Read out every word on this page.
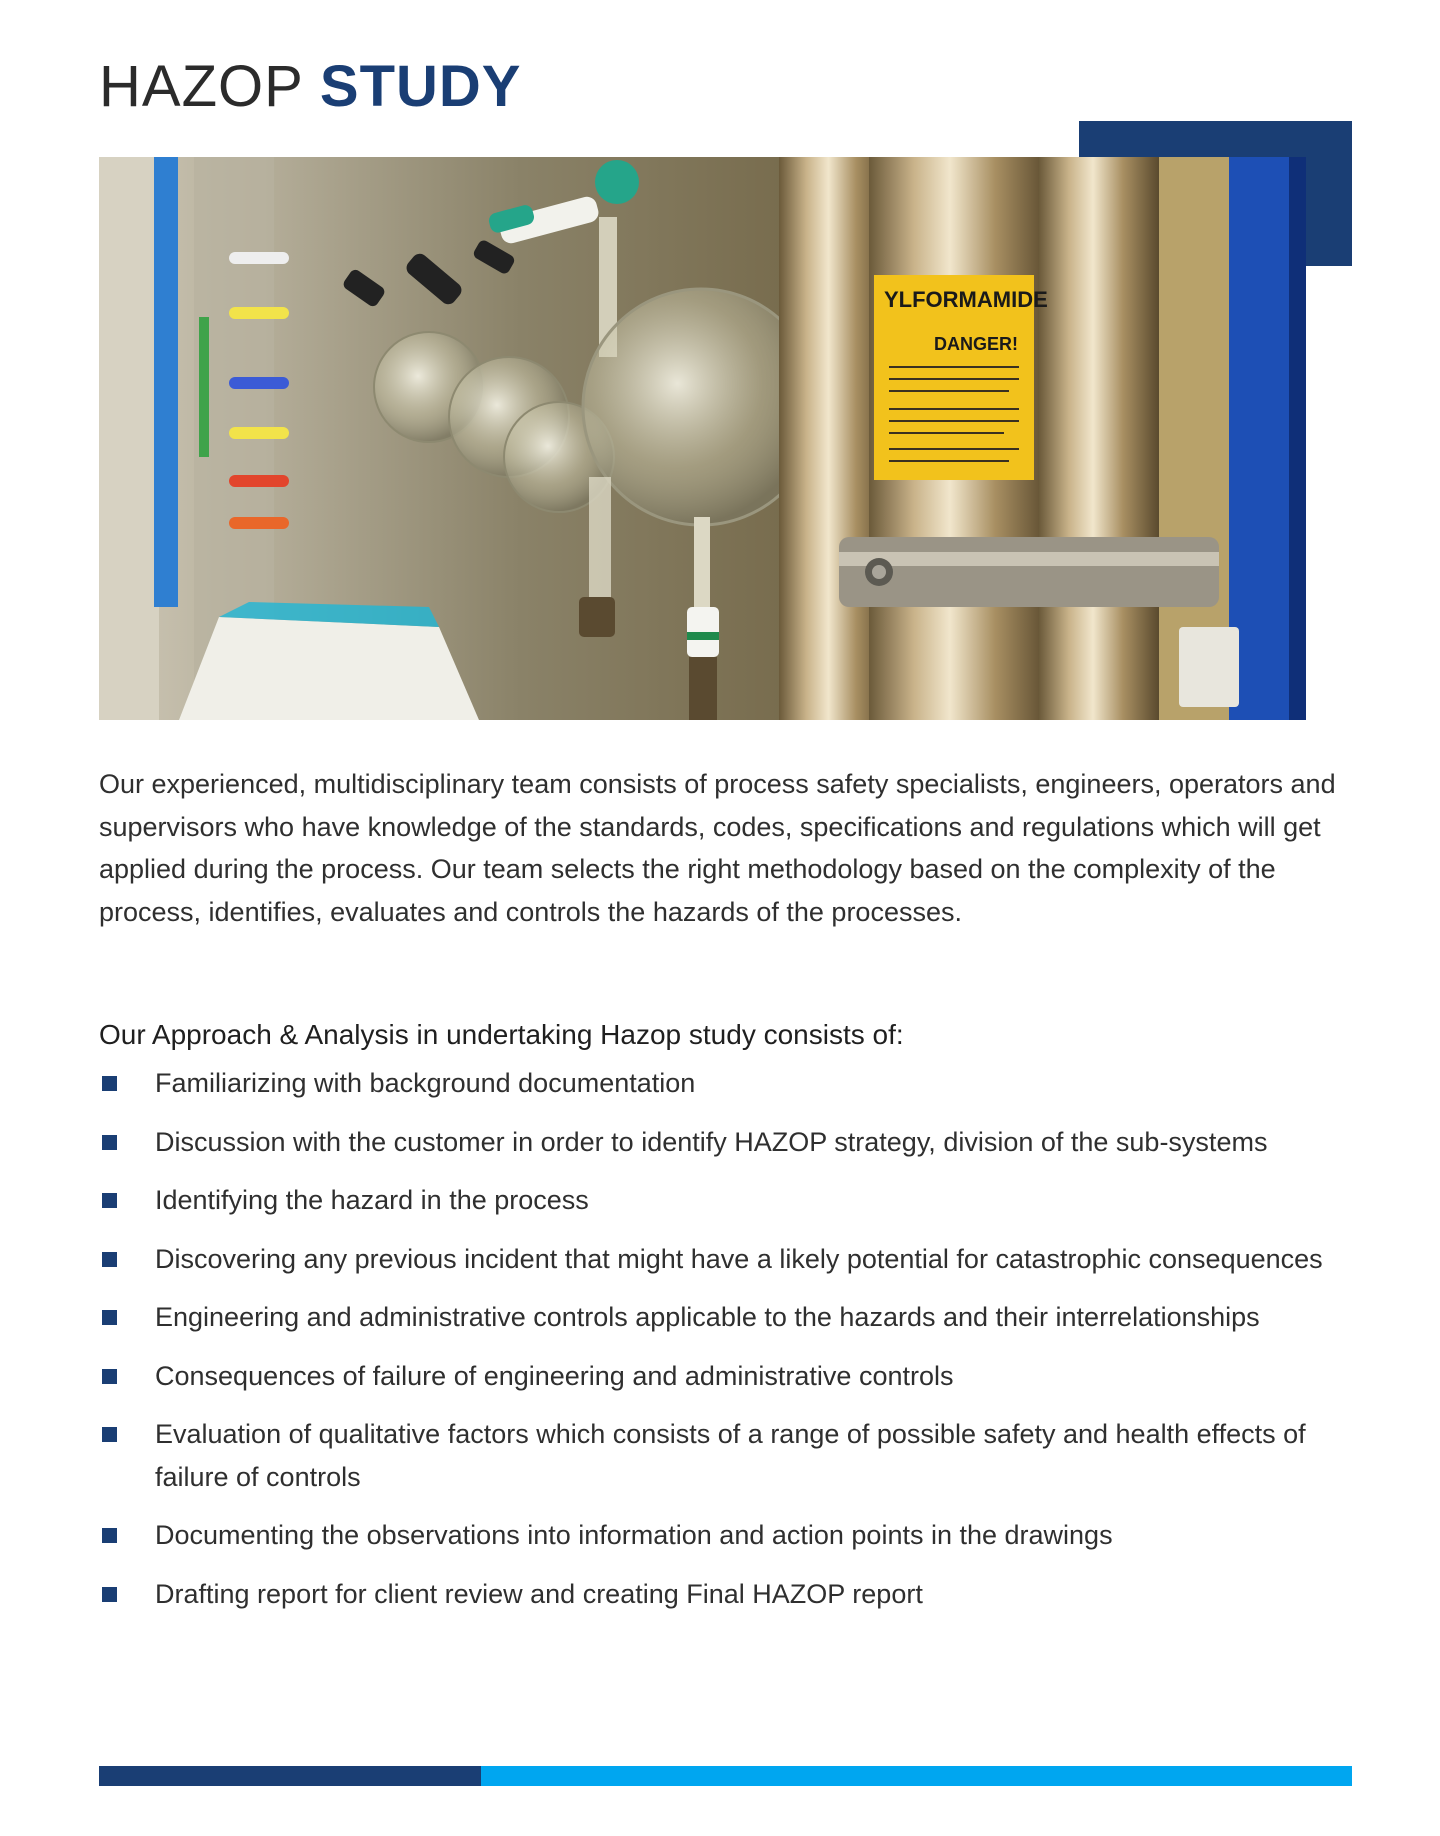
HAZOP STUDY
YLFORMAMIDE
DANGER!

Our experienced, multidisciplinary team consists of process safety specialists, engineers, operators and supervisors who have knowledge of the standards, codes, specifications and regulations which will get applied during the process. Our team selects the right methodology based on the complexity of the process, identifies, evaluates and controls the hazards of the processes.

Our Approach & Analysis in undertaking Hazop study consists of:

Familiarizing with background documentation
Discussion with the customer in order to identify HAZOP strategy, division of the sub-systems
Identifying the hazard in the process
Discovering any previous incident that might have a likely potential for catastrophic consequences
Engineering and administrative controls applicable to the hazards and their interrelationships
Consequences of failure of engineering and administrative controls
Evaluation of qualitative factors which consists of a range of possible safety and health effects of failure of controls
Documenting the observations into information and action points in the drawings
Drafting report for client review and creating Final HAZOP report
